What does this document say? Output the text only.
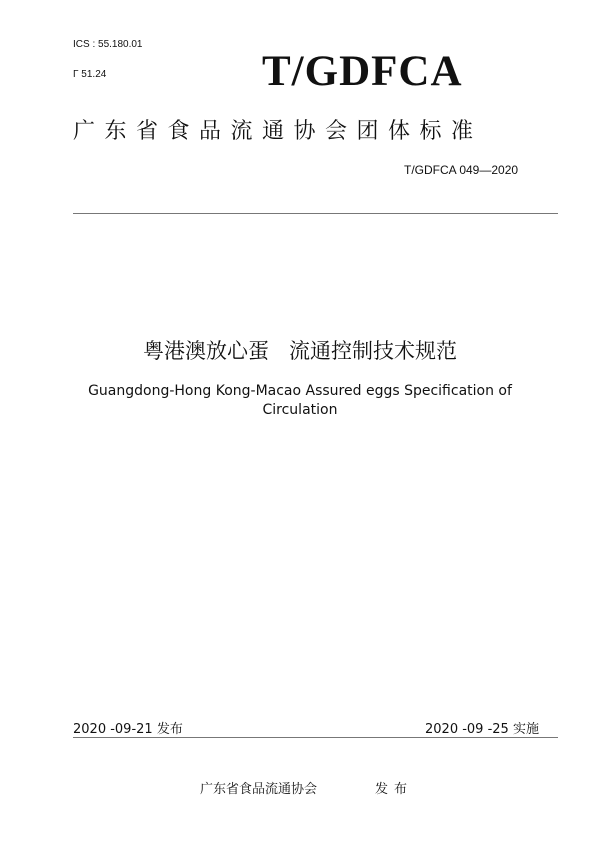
ICS : 55.180.01
Γ 51.24	T/GDFCA
广东省食品流通协会团体标准
T/GDFCA 049—2020
粤港澳放心蛋   流通控制技术规范
Guangdong-Hong Kong-Macao Assured eggs Specification of
Circulation
2020 -09-21 发布	2020 -09 -25 实施
广东省食品流通协会	发布
